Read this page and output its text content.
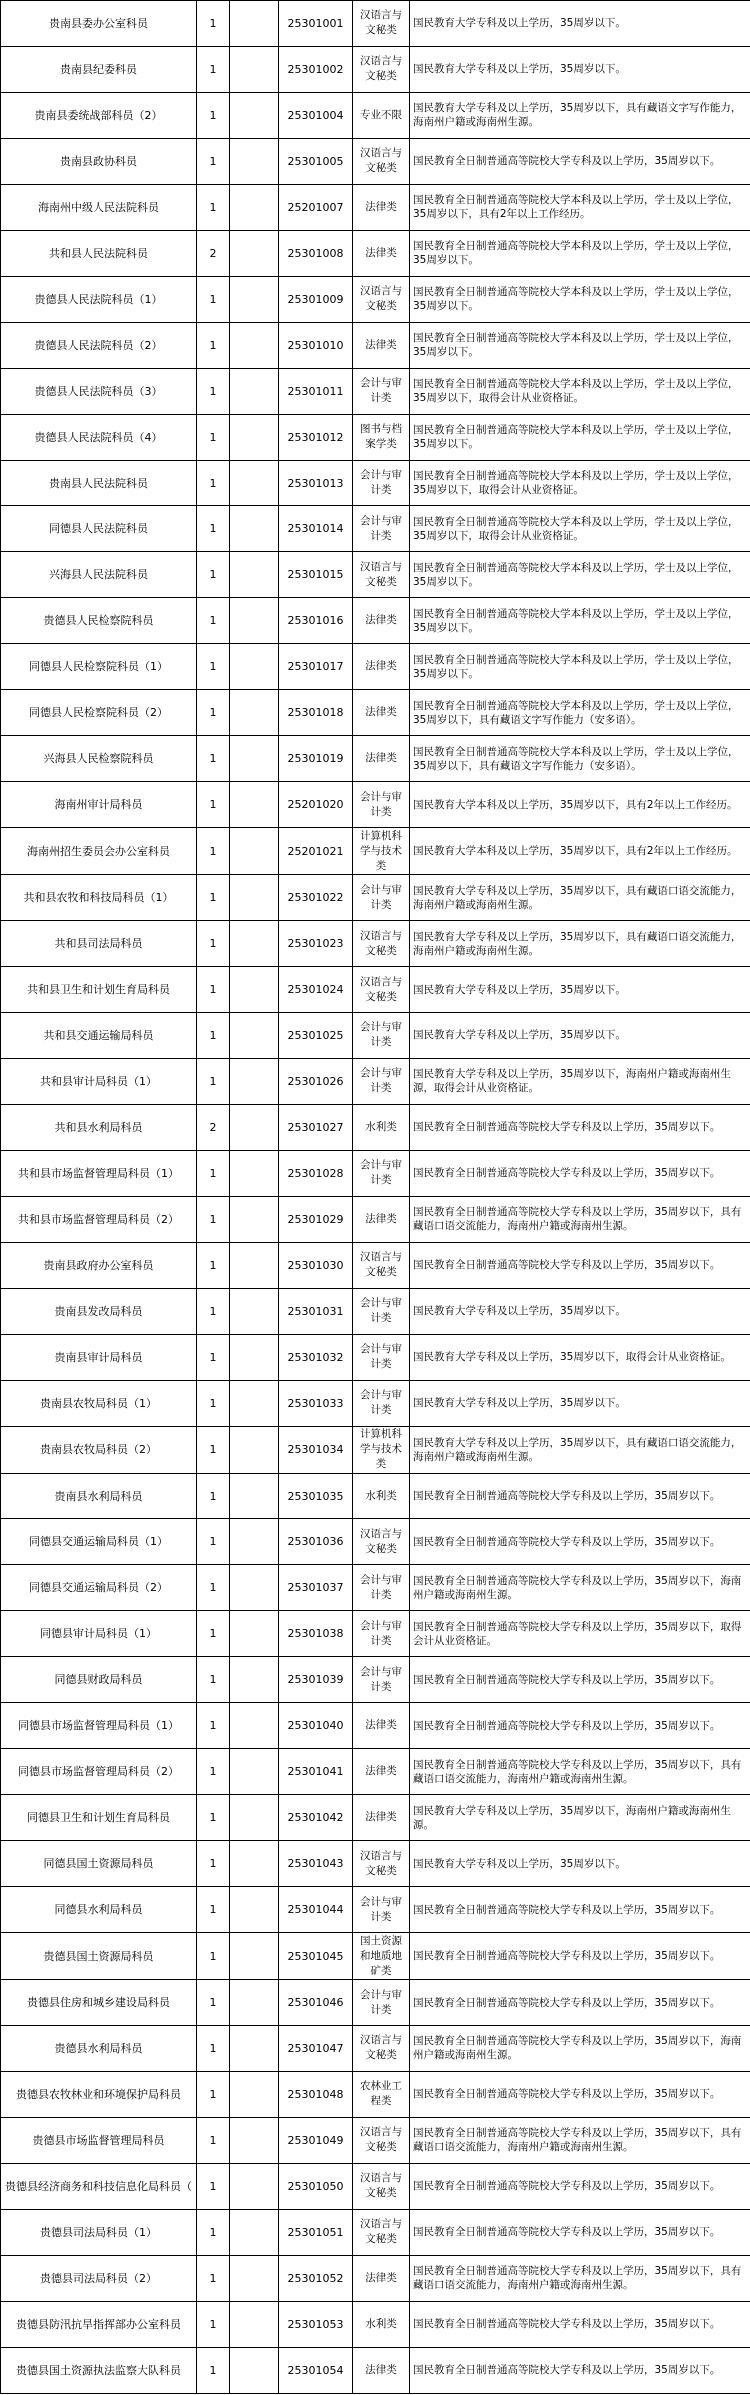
贵南县委办公室科员	1		25301001	汉语言与文秘类	国民教育大学专科及以上学历，35周岁以下。
贵南县纪委科员	1		25301002	汉语言与文秘类	国民教育大学专科及以上学历，35周岁以下。
贵南县委统战部科员（2）	1		25301004	专业不限	国民教育大学专科及以上学历，35周岁以下，具有藏语文字写作能力，海南州户籍或海南州生源。
贵南县政协科员	1		25301005	汉语言与文秘类	国民教育全日制普通高等院校大学专科及以上学历，35周岁以下。
海南州中级人民法院科员	1		25201007	法律类	国民教育全日制普通高等院校大学本科及以上学历，学士及以上学位，35周岁以下，具有2年以上工作经历。
共和县人民法院科员	2		25301008	法律类	国民教育全日制普通高等院校大学本科及以上学历，学士及以上学位，35周岁以下。
贵德县人民法院科员（1）	1		25301009	汉语言与文秘类	国民教育全日制普通高等院校大学本科及以上学历，学士及以上学位，35周岁以下。
贵德县人民法院科员（2）	1		25301010	法律类	国民教育全日制普通高等院校大学本科及以上学历，学士及以上学位，35周岁以下。
贵德县人民法院科员（3）	1		25301011	会计与审计类	国民教育全日制普通高等院校大学本科及以上学历，学士及以上学位，35周岁以下，取得会计从业资格证。
贵德县人民法院科员（4）	1		25301012	图书与档案学类	国民教育全日制普通高等院校大学本科及以上学历，学士及以上学位，35周岁以下。
贵南县人民法院科员	1		25301013	会计与审计类	国民教育全日制普通高等院校大学本科及以上学历，学士及以上学位，35周岁以下，取得会计从业资格证。
同德县人民法院科员	1		25301014	会计与审计类	国民教育全日制普通高等院校大学本科及以上学历，学士及以上学位，35周岁以下，取得会计从业资格证。
兴海县人民法院科员	1		25301015	汉语言与文秘类	国民教育全日制普通高等院校大学本科及以上学历，学士及以上学位，35周岁以下。
贵德县人民检察院科员	1		25301016	法律类	国民教育全日制普通高等院校大学本科及以上学历，学士及以上学位，35周岁以下。
同德县人民检察院科员（1）	1		25301017	法律类	国民教育全日制普通高等院校大学本科及以上学历，学士及以上学位，35周岁以下。
同德县人民检察院科员（2）	1		25301018	法律类	国民教育全日制普通高等院校大学本科及以上学历，学士及以上学位，35周岁以下，具有藏语文字写作能力（安多语）。
兴海县人民检察院科员	1		25301019	法律类	国民教育全日制普通高等院校大学本科及以上学历，学士及以上学位，35周岁以下，具有藏语文字写作能力（安多语）。
海南州审计局科员	1		25201020	会计与审计类	国民教育大学本科及以上学历，35周岁以下，具有2年以上工作经历。
海南州招生委员会办公室科员	1		25201021	计算机科学与技术类	国民教育大学本科及以上学历，35周岁以下，具有2年以上工作经历。
共和县农牧和科技局科员（1）	1		25301022	会计与审计类	国民教育大学专科及以上学历，35周岁以下，具有藏语口语交流能力，海南州户籍或海南州生源。
共和县司法局科员	1		25301023	汉语言与文秘类	国民教育大学专科及以上学历，35周岁以下，具有藏语口语交流能力，海南州户籍或海南州生源。
共和县卫生和计划生育局科员	1		25301024	汉语言与文秘类	国民教育大学专科及以上学历，35周岁以下。
共和县交通运输局科员	1		25301025	会计与审计类	国民教育大学专科及以上学历，35周岁以下。
共和县审计局科员（1）	1		25301026	会计与审计类	国民教育大学专科及以上学历，35周岁以下，海南州户籍或海南州生源，取得会计从业资格证。
共和县水利局科员	2		25301027	水利类	国民教育全日制普通高等院校大学专科及以上学历，35周岁以下。
共和县市场监督管理局科员（1）	1		25301028	会计与审计类	国民教育全日制普通高等院校大学专科及以上学历，35周岁以下。
共和县市场监督管理局科员（2）	1		25301029	法律类	国民教育全日制普通高等院校大学专科及以上学历，35周岁以下，具有藏语口语交流能力，海南州户籍或海南州生源。
贵南县政府办公室科员	1		25301030	汉语言与文秘类	国民教育全日制普通高等院校大学专科及以上学历，35周岁以下。
贵南县发改局科员	1		25301031	会计与审计类	国民教育大学专科及以上学历，35周岁以下。
贵南县审计局科员	1		25301032	会计与审计类	国民教育大学专科及以上学历，35周岁以下，取得会计从业资格证。
贵南县农牧局科员（1）	1		25301033	会计与审计类	国民教育大学专科及以上学历，35周岁以下。
贵南县农牧局科员（2）	1		25301034	计算机科学与技术类	国民教育大学专科及以上学历，35周岁以下，具有藏语口语交流能力，海南州户籍或海南州生源。
贵南县水利局科员	1		25301035	水利类	国民教育全日制普通高等院校大学专科及以上学历，35周岁以下。
同德县交通运输局科员（1）	1		25301036	汉语言与文秘类	国民教育全日制普通高等院校大学专科及以上学历，35周岁以下。
同德县交通运输局科员（2）	1		25301037	会计与审计类	国民教育全日制普通高等院校大学专科及以上学历，35周岁以下，海南州户籍或海南州生源。
同德县审计局科员（1）	1		25301038	会计与审计类	国民教育全日制普通高等院校大学专科及以上学历，35周岁以下，取得会计从业资格证。
同德县财政局科员	1		25301039	会计与审计类	国民教育全日制普通高等院校大学专科及以上学历，35周岁以下。
同德县市场监督管理局科员（1）	1		25301040	法律类	国民教育全日制普通高等院校大学专科及以上学历，35周岁以下。
同德县市场监督管理局科员（2）	1		25301041	法律类	国民教育全日制普通高等院校大学专科及以上学历，35周岁以下，具有藏语口语交流能力，海南州户籍或海南州生源。
同德县卫生和计划生育局科员	1		25301042	法律类	国民教育大学专科及以上学历，35周岁以下，海南州户籍或海南州生源。
同德县国土资源局科员	1		25301043	汉语言与文秘类	国民教育大学专科及以上学历，35周岁以下。
同德县水利局科员	1		25301044	会计与审计类	国民教育全日制普通高等院校大学专科及以上学历，35周岁以下。
贵德县国土资源局科员	1		25301045	国土资源和地质地矿类	国民教育全日制普通高等院校大学专科及以上学历，35周岁以下。
贵德县住房和城乡建设局科员	1		25301046	会计与审计类	国民教育全日制普通高等院校大学专科及以上学历，35周岁以下。
贵德县水利局科员	1		25301047	汉语言与文秘类	国民教育全日制普通高等院校大学专科及以上学历，35周岁以下，海南州户籍或海南州生源。
贵德县农牧林业和环境保护局科员	1		25301048	农林业工程类	国民教育全日制普通高等院校大学专科及以上学历，35周岁以下。
贵德县市场监督管理局科员	1		25301049	汉语言与文秘类	国民教育全日制普通高等院校大学专科及以上学历，35周岁以下，具有藏语口语交流能力，海南州户籍或海南州生源。
贵德县经济商务和科技信息化局科员（	1		25301050	汉语言与文秘类	国民教育全日制普通高等院校大学专科及以上学历，35周岁以下。
贵德县司法局科员（1）	1		25301051	汉语言与文秘类	国民教育全日制普通高等院校大学专科及以上学历，35周岁以下。
贵德县司法局科员（2）	1		25301052	法律类	国民教育全日制普通高等院校大学专科及以上学历，35周岁以下，具有藏语口语交流能力，海南州户籍或海南州生源。
贵德县防汛抗旱指挥部办公室科员	1		25301053	水利类	国民教育全日制普通高等院校大学专科及以上学历，35周岁以下。
贵德县国土资源执法监察大队科员	1		25301054	法律类	国民教育全日制普通高等院校大学专科及以上学历，35周岁以下。
